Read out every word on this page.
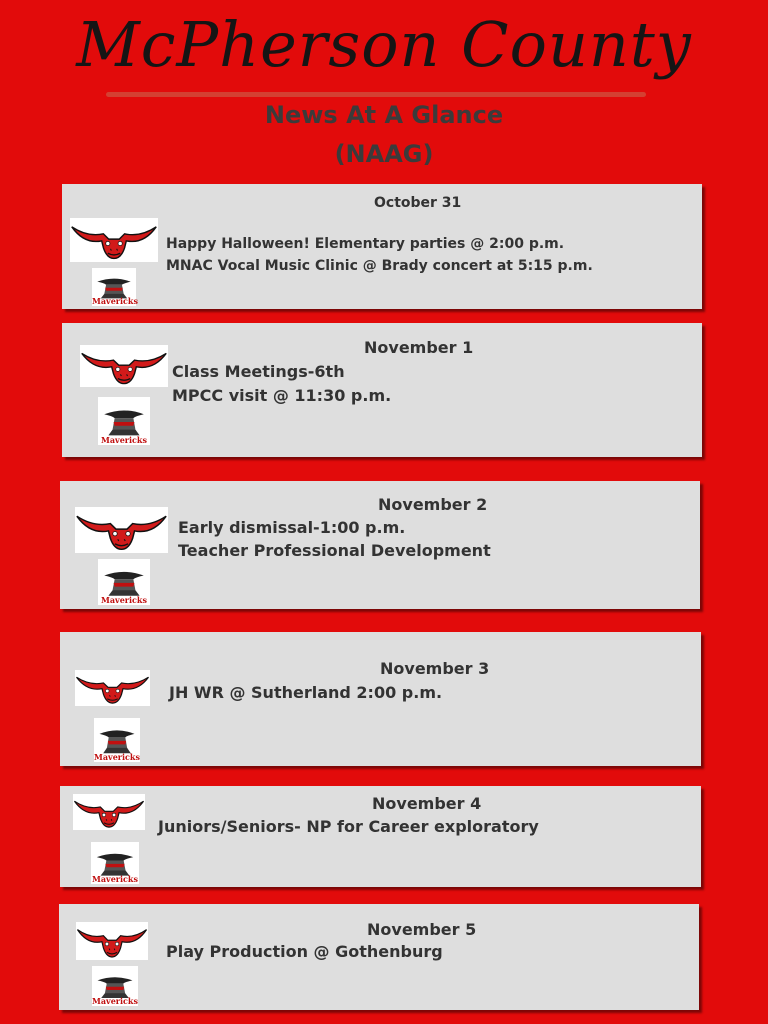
McPherson County
News At A Glance
(NAAG)
Mavericks
October 31
Happy Halloween! Elementary parties @ 2:00 p.m.
MNAC Vocal Music Clinic @ Brady concert at 5:15 p.m.
Mavericks
November 1
Class Meetings-6th
MPCC visit @ 11:30 p.m.
Mavericks
November 2
Early dismissal-1:00 p.m.
Teacher Professional Development
Mavericks
November 3
JH WR @ Sutherland 2:00 p.m.
Mavericks
November 4
Juniors/Seniors- NP for Career exploratory
Mavericks
November 5
Play Production @ Gothenburg
